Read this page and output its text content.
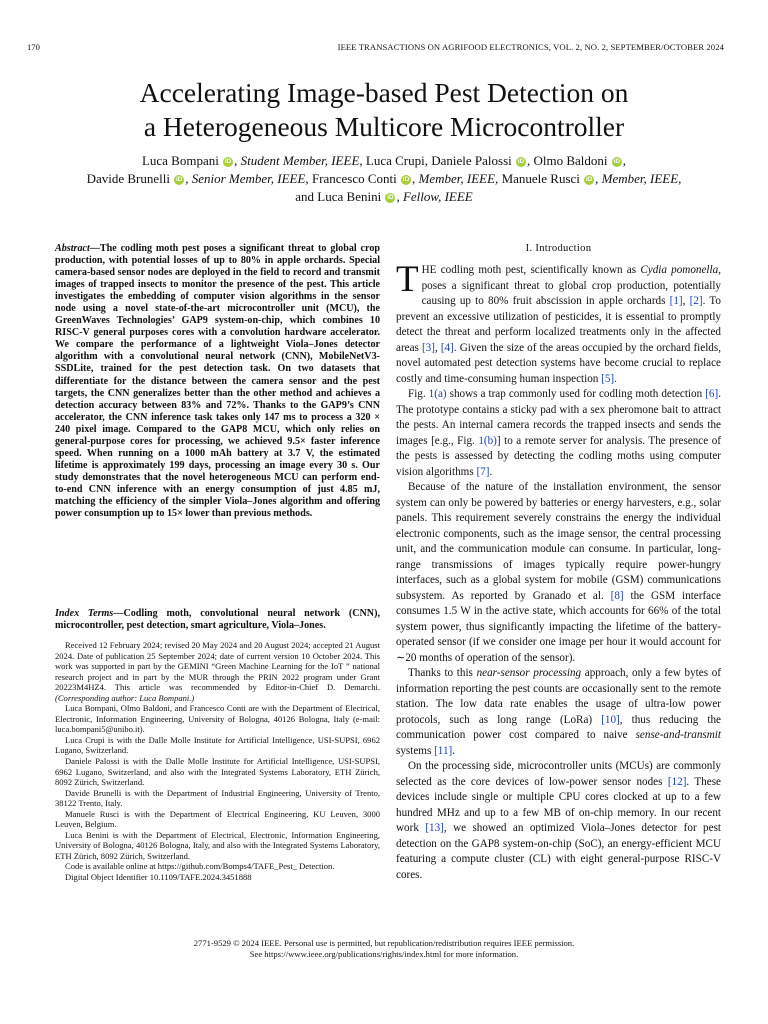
170	IEEE TRANSACTIONS ON AGRIFOOD ELECTRONICS, VOL. 2, NO. 2, SEPTEMBER/OCTOBER 2024
Accelerating Image-based Pest Detection on
a Heterogeneous Multicore Microcontroller
Luca Bompani iD , Student Member, IEEE, Luca Crupi, Daniele Palossi iD , Olmo Baldoni iD ,
Davide Brunelli iD , Senior Member, IEEE, Francesco Conti iD , Member, IEEE, Manuele Rusci iD , Member, IEEE,
and Luca Benini iD , Fellow, IEEE
Abstract—The codling moth pest poses a significant threat to global crop production, with potential losses of up to 80% in apple orchards. Special camera-based sensor nodes are deployed in the field to record and transmit images of trapped insects to monitor the presence of the pest. This article investigates the embedding of computer vision algorithms in the sensor node using a novel state-of-the-art microcontroller unit (MCU), the GreenWaves Technologies’ GAP9 system-on-chip, which combines 10 RISC-V general purposes cores with a convolution hardware accelerator. We compare the performance of a lightweight Viola–Jones detector algorithm with a convolutional neural network (CNN), MobileNetV3-SSDLite, trained for the pest detection task. On two datasets that differentiate for the distance between the camera sensor and the pest targets, the CNN generalizes better than the other method and achieves a detection accuracy between 83% and 72%. Thanks to the GAP9’s CNN accelerator, the CNN inference task takes only 147 ms to process a 320 × 240 pixel image. Compared to the GAP8 MCU, which only relies on general-purpose cores for processing, we achieved 9.5× faster inference speed. When running on a 1000 mAh battery at 3.7 V, the estimated lifetime is approximately 199 days, processing an image every 30 s. Our study demonstrates that the novel heterogeneous MCU can perform end-to-end CNN inference with an energy consumption of just 4.85 mJ, matching the efficiency of the simpler Viola–Jones algorithm and offering power consumption up to 15× lower than previous methods.
Index Terms—Codling moth, convolutional neural network (CNN), microcontroller, pest detection, smart agriculture, Viola–Jones.

Received 12 February 2024; revised 20 May 2024 and 20 August 2024; accepted 21 August 2024. Date of publication 25 September 2024; date of current version 10 October 2024. This work was supported in part by the GEMINI “Green Machine Learning for the IoT ” national research project and in part by the MUR through the PRIN 2022 program under Grant 20223M4HZ4. This article was recommended by Editor-in-Chief D. Demarchi. (Corresponding author: Luca Bompani.)

Luca Bompani, Olmo Baldoni, and Francesco Conti are with the Department of Electrical, Electronic, Information Engineering, University of Bologna, 40126 Bologna, Italy (e-mail: luca.bompani5@unibo.it).

Luca Crupi is with the Dalle Molle Institute for Artificial Intelligence, USI-SUPSI, 6962 Lugano, Switzerland.

Daniele Palossi is with the Dalle Molle Institute for Artificial Intelligence, USI-SUPSI, 6962 Lugano, Switzerland, and also with the Integrated Systems Laboratory, ETH Zürich, 8092 Zürich, Switzerland.

Davide Brunelli is with the Department of Industrial Engineering, University of Trento, 38122 Trento, Italy.

Manuele Rusci is with the Department of Electrical Engineering, KU Leuven, 3000 Leuven, Belgium.

Luca Benini is with the Department of Electrical, Electronic, Information Engineering, University of Bologna, 40126 Bologna, Italy, and also with the Integrated Systems Laboratory, ETH Zürich, 8092 Zürich, Switzerland.

Code is available online at https://github.com/Bomps4/TAFE_Pest_ Detection.

Digital Object Identifier 10.1109/TAFE.2024.3451888

I. Introduction

THE codling moth pest, scientifically known as Cydia pomonella, poses a significant threat to global crop production, potentially causing up to 80% fruit abscission in apple orchards [1], [2]. To prevent an excessive utilization of pesticides, it is essential to promptly detect the threat and perform localized treatments only in the affected areas [3], [4]. Given the size of the areas occupied by the orchard fields, novel automated pest detection systems have become crucial to replace costly and time-consuming human inspection [5].

Fig. 1(a) shows a trap commonly used for codling moth detection [6]. The prototype contains a sticky pad with a sex pheromone bait to attract the pests. An internal camera records the trapped insects and sends the images [e.g., Fig. 1(b)] to a remote server for analysis. The presence of the pests is assessed by detecting the codling moths using computer vision algorithms [7].

Because of the nature of the installation environment, the sensor system can only be powered by batteries or energy harvesters, e.g., solar panels. This requirement severely constrains the energy the individual electronic components, such as the image sensor, the central processing unit, and the communication module can consume. In particular, long-range transmissions of images typically require power-hungry interfaces, such as a global system for mobile (GSM) communications subsystem. As reported by Granado et al. [8] the GSM interface consumes 1.5 W in the active state, which accounts for 66% of the total system power, thus significantly impacting the lifetime of the battery-operated sensor (if we consider one image per hour it would account for ∼20 months of operation of the sensor).

Thanks to this near-sensor processing approach, only a few bytes of information reporting the pest counts are occasionally sent to the remote station. The low data rate enables the usage of ultra-low power protocols, such as long range (LoRa) [10], thus reducing the communication power cost compared to naive sense-and-transmit systems [11].

On the processing side, microcontroller units (MCUs) are commonly selected as the core devices of low-power sensor nodes [12]. These devices include single or multiple CPU cores clocked at up to a few hundred MHz and up to a few MB of on-chip memory. In our recent work [13], we showed an optimized Viola–Jones detector for pest detection on the GAP8 system-on-chip (SoC), an energy-efficient MCU featuring a compute cluster (CL) with eight general-purpose RISC-V cores.

2771-9529 © 2024 IEEE. Personal use is permitted, but republication/redistribution requires IEEE permission.
See https://www.ieee.org/publications/rights/index.html for more information.
